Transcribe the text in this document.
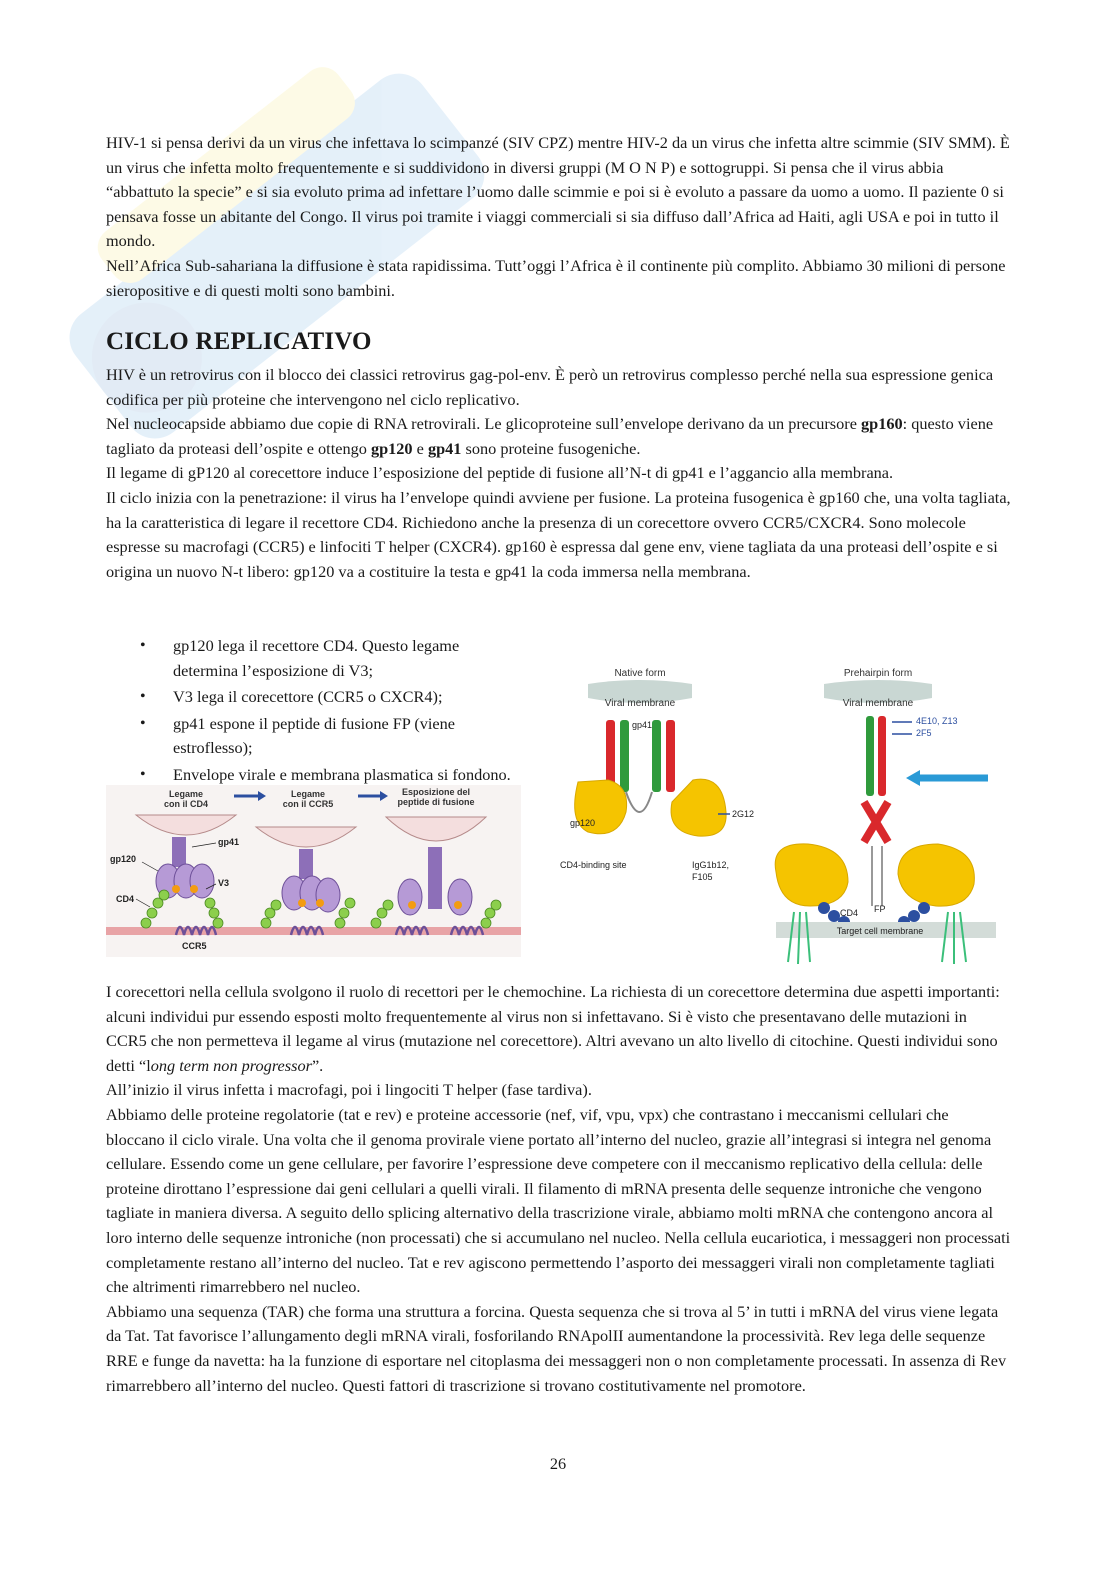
HIV-1 si pensa derivi da un virus che infettava lo scimpanzé (SIV CPZ) mentre HIV-2 da un virus che infetta altre scimmie (SIV SMM). È un virus che infetta molto frequentemente e si suddividono in diversi gruppi (M O N P) e sottogruppi. Si pensa che il virus abbia “abbattuto la specie” e si sia evoluto prima ad infettare l’uomo dalle scimmie e poi si è evoluto a passare da uomo a uomo. Il paziente 0 si pensava fosse un abitante del Congo. Il virus poi tramite i viaggi commerciali si sia diffuso dall’Africa ad Haiti, agli USA e poi in tutto il mondo.

Nell’Africa Sub-sahariana la diffusione è stata rapidissima. Tutt’oggi l’Africa è il continente più complito. Abbiamo 30 milioni di persone sieropositive e di questi molti sono bambini.

CICLO REPLICATIVO

HIV è un retrovirus con il blocco dei classici retrovirus gag-pol-env. È però un retrovirus complesso perché nella sua espressione genica codifica per più proteine che intervengono nel ciclo replicativo.

Nel nucleocapside abbiamo due copie di RNA retrovirali. Le glicoproteine sull’envelope derivano da un precursore gp160: questo viene tagliato da proteasi dell’ospite e ottengo gp120 e gp41 sono proteine fusogeniche.

Il legame di gP120 al corecettore induce l’esposizione del peptide di fusione all’N-t di gp41 e l’aggancio alla membrana.

Il ciclo inizia con la penetrazione: il virus ha l’envelope quindi avviene per fusione. La proteina fusogenica è gp160 che, una volta tagliata, ha la caratteristica di legare il recettore CD4. Richiedono anche la presenza di un corecettore ovvero CCR5/CXCR4. Sono molecole espresse su macrofagi (CCR5) e linfociti T helper (CXCR4). gp160 è espressa dal gene env, viene tagliata da una proteasi dell’ospite e si origina un nuovo N-t libero: gp120 va a costituire la testa e gp41 la coda immersa nella membrana.

• gp120 lega il recettore CD4. Questo legame determina l’esposizione di V3;
• V3 lega il corecettore (CCR5 o CXCR4);
• gp41 espone il peptide di fusione FP (viene estroflesso);
• Envelope virale e membrana plasmatica si fondono.
Legame con il CD4
Legame con il CCR5
Esposizione del peptide di fusione
gp41
gp120
V3
CD4
CCR5
Native form
Viral membrane
gp41
gp120
2G12
CD4-binding site	IgG1b12,
F105
Prehairpin form
Viral membrane
4E10, Z13
2F5
CD4 FP
Target cell membrane

I corecettori nella cellula svolgono il ruolo di recettori per le chemochine. La richiesta di un corecettore determina due aspetti importanti: alcuni individui pur essendo esposti molto frequentemente al virus non si infettavano. Si è visto che presentavano delle mutazioni in CCR5 che non permetteva il legame al virus (mutazione nel corecettore). Altri avevano un alto livello di citochine. Questi individui sono detti “long term non progressor”.

All’inizio il virus infetta i macrofagi, poi i lingociti T helper (fase tardiva).

Abbiamo delle proteine regolatorie (tat e rev) e proteine accessorie (nef, vif, vpu, vpx) che contrastano i meccanismi cellulari che bloccano il ciclo virale. Una volta che il genoma provirale viene portato all’interno del nucleo, grazie all’integrasi si integra nel genoma cellulare. Essendo come un gene cellulare, per favorire l’espressione deve competere con il meccanismo replicativo della cellula: delle proteine dirottano l’espressione dai geni cellulari a quelli virali. Il filamento di mRNA presenta delle sequenze introniche che vengono tagliate in maniera diversa. A seguito dello splicing alternativo della trascrizione virale, abbiamo molti mRNA che contengono ancora al loro interno delle sequenze introniche (non processati) che si accumulano nel nucleo. Nella cellula eucariotica, i messaggeri non processati completamente restano all’interno del nucleo. Tat e rev agiscono permettendo l’asporto dei messaggeri virali non completamente tagliati che altrimenti rimarrebbero nel nucleo.

Abbiamo una sequenza (TAR) che forma una struttura a forcina. Questa sequenza che si trova al 5’ in tutti i mRNA del virus viene legata da Tat. Tat favorisce l’allungamento degli mRNA virali, fosforilando RNApolII aumentandone la processività. Rev lega delle sequenze RRE e funge da navetta: ha la funzione di esportare nel citoplasma dei messaggeri non o non completamente processati. In assenza di Rev rimarrebbero all’interno del nucleo. Questi fattori di trascrizione si trovano costitutivamente nel promotore.

26
